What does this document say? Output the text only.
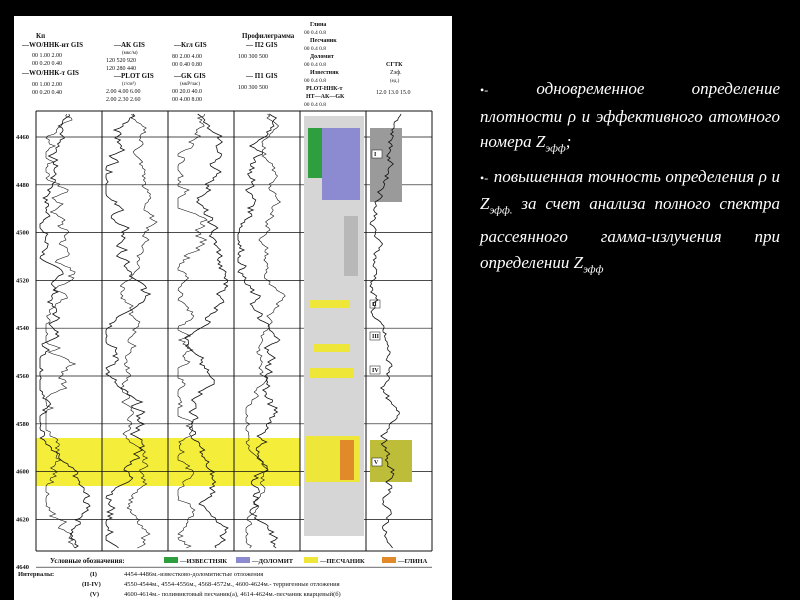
Кп
—WO/ННК-нт GIS
00 1.00 2.00
00 0.20 0.40
—WO/ННК-т GIS
00 1.00 2.00
00 0.20 0.40
—АК GIS
(мкс/м)
120 520 920
120 280 440
—PLOT GIS
(г/см³)
2.00 4.00 6.00
2.00 2.30 2.60
—Кгл GIS
80 2.00 4.00
00 0.40 0.80
—GK GIS
(мкР/час)
00 20.0 40.0
00 4.00 8.00
Профилеграмма
— П2 GIS
100 300 500
— П1 GIS
100 300 500
Глина
00 0.4 0.8
Песчаник
00 0.4 0.8
Доломит
00 0.4 0.8
Известняк
00 0.4 0.8
PLOT-ННК-т
НТ—АК—GК
00 0.4 0.8
СГТК
Zэф.
(ед.)
12.0 13.0 15.0
4460
4480
4500
4520
4540
4560
4580
4600
4620
4640
I
II
III
IV
V
Условные обозначения:	—ИЗВЕСТНЯК	—ДОЛОМИТ	—ПЕСЧАНИК	—ГЛИНА
Интервалы:	(I)	4454-4486м.-известково-доломитистые отложения
(II-IV)	4550-4544м., 4554-4556м., 4568-4572м., 4600-4624м.- терригенные отложения
(V)	4600-4614м.- полимиктовый песчаник(а), 4614-4624м.-песчаник кварцевый(б)

•- одновременное определение плотности ρ и эффективного атомного номера $Z_{эфф}$;

•- повышенная точность определения ρ и $Z_{эфф.}$ за счет анализа полного спектра рассеянного гамма-излучения при определении $Z_{эфф}$
